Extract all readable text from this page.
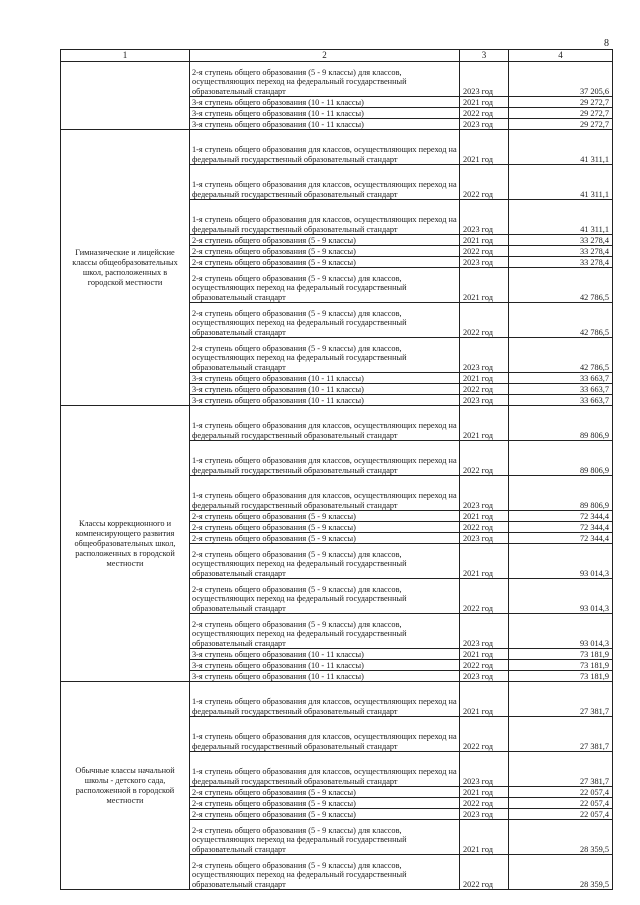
8
1	2	3	4
	2-я ступень общего образования (5 - 9 классы) для классов, осуществляющих переход на федеральный государственный образовательный стандарт	2023 год	37 205,6
	3-я ступень общего образования (10 - 11 классы)	2021 год	29 272,7
	3-я ступень общего образования (10 - 11 классы)	2022 год	29 272,7
	3-я ступень общего образования (10 - 11 классы)	2023 год	29 272,7
Гимназические и лицейские классы общеобразовательных школ, расположенных в городской местности	1-я ступень общего образования для классов, осуществляющих переход на федеральный государственный образовательный стандарт	2021 год	41 311,1
	1-я ступень общего образования для классов, осуществляющих переход на федеральный государственный образовательный стандарт	2022 год	41 311,1
	1-я ступень общего образования для классов, осуществляющих переход на федеральный государственный образовательный стандарт	2023 год	41 311,1
	2-я ступень общего образования (5 - 9 классы)	2021 год	33 278,4
	2-я ступень общего образования (5 - 9 классы)	2022 год	33 278,4
	2-я ступень общего образования (5 - 9 классы)	2023 год	33 278,4
	2-я ступень общего образования (5 - 9 классы) для классов, осуществляющих переход на федеральный государственный образовательный стандарт	2021 год	42 786,5
	2-я ступень общего образования (5 - 9 классы) для классов, осуществляющих переход на федеральный государственный образовательный стандарт	2022 год	42 786,5
	2-я ступень общего образования (5 - 9 классы) для классов, осуществляющих переход на федеральный государственный образовательный стандарт	2023 год	42 786,5
	3-я ступень общего образования (10 - 11 классы)	2021 год	33 663,7
	3-я ступень общего образования (10 - 11 классы)	2022 год	33 663,7
	3-я ступень общего образования (10 - 11 классы)	2023 год	33 663,7
Классы коррекционного и компенсирующего развития общеобразовательных школ, расположенных в городской местности	1-я ступень общего образования для классов, осуществляющих переход на федеральный государственный образовательный стандарт	2021 год	89 806,9
	1-я ступень общего образования для классов, осуществляющих переход на федеральный государственный образовательный стандарт	2022 год	89 806,9
	1-я ступень общего образования для классов, осуществляющих переход на федеральный государственный образовательный стандарт	2023 год	89 806,9
	2-я ступень общего образования (5 - 9 классы)	2021 год	72 344,4
	2-я ступень общего образования (5 - 9 классы)	2022 год	72 344,4
	2-я ступень общего образования (5 - 9 классы)	2023 год	72 344,4
	2-я ступень общего образования (5 - 9 классы) для классов, осуществляющих переход на федеральный государственный образовательный стандарт	2021 год	93 014,3
	2-я ступень общего образования (5 - 9 классы) для классов, осуществляющих переход на федеральный государственный образовательный стандарт	2022 год	93 014,3
	2-я ступень общего образования (5 - 9 классы) для классов, осуществляющих переход на федеральный государственный образовательный стандарт	2023 год	93 014,3
	3-я ступень общего образования (10 - 11 классы)	2021 год	73 181,9
	3-я ступень общего образования (10 - 11 классы)	2022 год	73 181,9
	3-я ступень общего образования (10 - 11 классы)	2023 год	73 181,9
Обычные классы начальной школы - детского сада, расположенной в городской местности	1-я ступень общего образования для классов, осуществляющих переход на федеральный государственный образовательный стандарт	2021 год	27 381,7
	1-я ступень общего образования для классов, осуществляющих переход на федеральный государственный образовательный стандарт	2022 год	27 381,7
	1-я ступень общего образования для классов, осуществляющих переход на федеральный государственный образовательный стандарт	2023 год	27 381,7
	2-я ступень общего образования (5 - 9 классы)	2021 год	22 057,4
	2-я ступень общего образования (5 - 9 классы)	2022 год	22 057,4
	2-я ступень общего образования (5 - 9 классы)	2023 год	22 057,4
	2-я ступень общего образования (5 - 9 классы) для классов, осуществляющих переход на федеральный государственный образовательный стандарт	2021 год	28 359,5
	2-я ступень общего образования (5 - 9 классы) для классов, осуществляющих переход на федеральный государственный образовательный стандарт	2022 год	28 359,5
